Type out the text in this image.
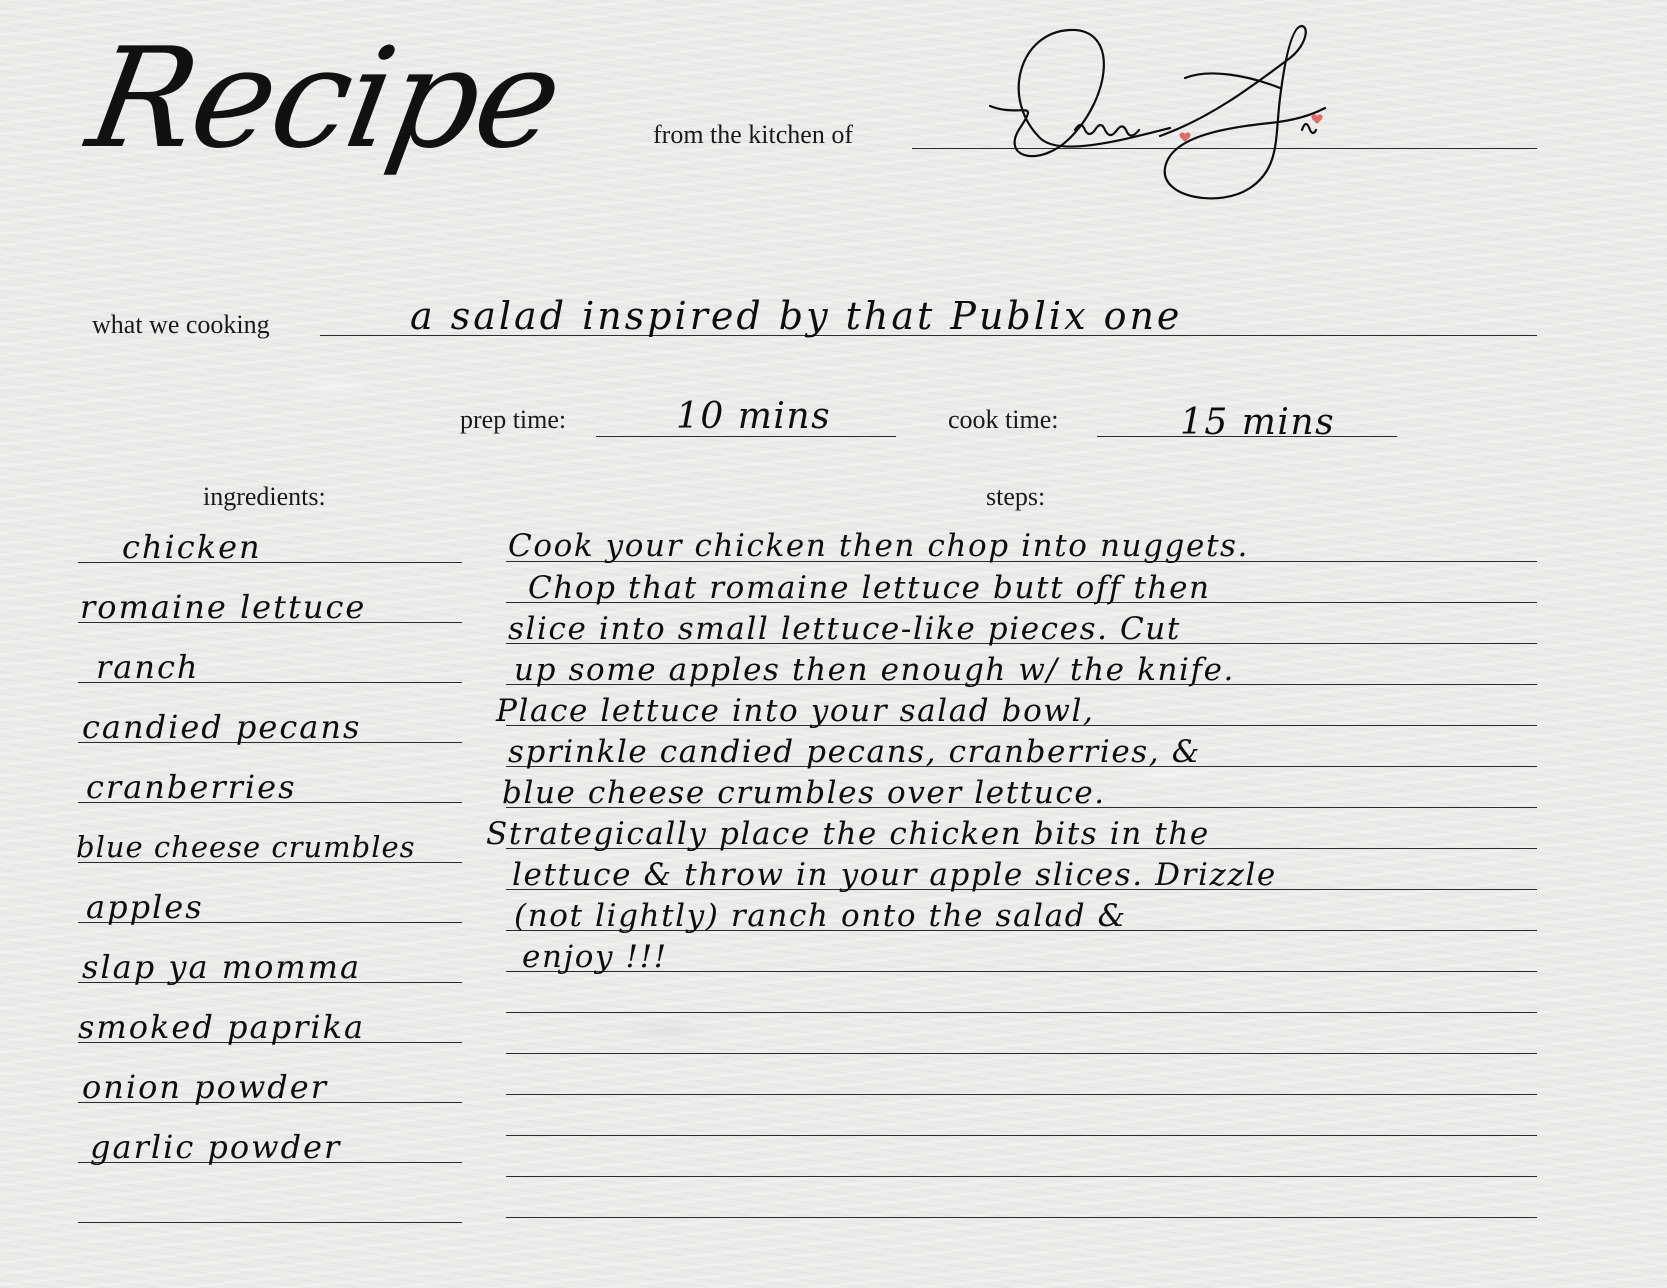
Recipe	from the kitchen of
what we cooking	a salad inspired by that Publix one
prep time:	10 mins	cook time:	15 mins
ingredients:	steps:
chicken
romaine lettuce
ranch
candied pecans
cranberries
blue cheese crumbles
apples
slap ya momma
smoked paprika
onion powder
garlic powder
Cook your chicken then chop into nuggets.
Chop that romaine lettuce butt off then
slice into small lettuce-like pieces. Cut
up some apples then enough w/ the knife.
Place lettuce into your salad bowl,
sprinkle candied pecans, cranberries, &
blue cheese crumbles over lettuce.
Strategically place the chicken bits in the
lettuce & throw in your apple slices. Drizzle
(not lightly) ranch onto the salad &
enjoy !!!
